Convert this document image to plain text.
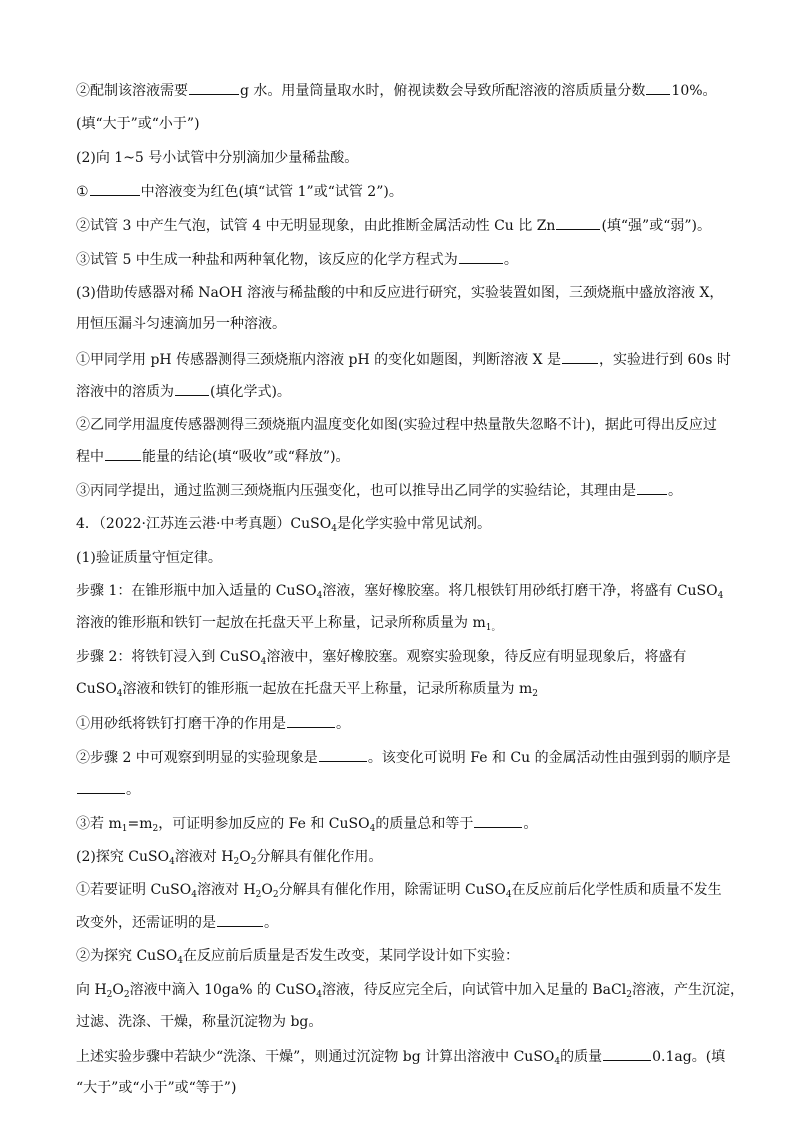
②配制该溶液需要	g 水。用量筒量取水时，俯视读数会导致所配溶液的溶质质量分数 10%。
(填“大于”或“小于”)
(2)向 1~5 号小试管中分别滴加少量稀盐酸。
①	中溶液变为红色(填“试管 1”或“试管 2”)。
②试管 3 中产生气泡，试管 4 中无明显现象，由此推断金属活动性 Cu 比 Zn	(填“强”或“弱”)。
③试管 5 中生成一种盐和两种氧化物，该反应的化学方程式为	。
(3)借助传感器对稀 NaOH 溶液与稀盐酸的中和反应进行研究，实验装置如图，三颈烧瓶中盛放溶液 X，
用恒压漏斗匀速滴加另一种溶液。
①甲同学用 pH 传感器测得三颈烧瓶内溶液 pH 的变化如题图，判断溶液 X 是	，实验进行到 60s 时
溶液中的溶质为	(填化学式)。
②乙同学用温度传感器测得三颈烧瓶内温度变化如图(实验过程中热量散失忽略不计)，据此可得出反应过
程中	能量的结论(填“吸收”或“释放”)。
③丙同学提出，通过监测三颈烧瓶内压强变化，也可以推导出乙同学的实验结论，其理由是 。
4．（2022·江苏连云港·中考真题）CuSO$_4$是化学实验中常见试剂。
(1)验证质量守恒定律。
步骤 1：在锥形瓶中加入适量的 CuSO$_4$溶液，塞好橡胶塞。将几根铁钉用砂纸打磨干净，将盛有 CuSO$_4$
溶液的锥形瓶和铁钉一起放在托盘天平上称量，记录所称质量为 $m_{1。}$
步骤 2：将铁钉浸入到 CuSO$_4$溶液中，塞好橡胶塞。观察实验现象，待反应有明显现象后，将盛有
CuSO$_4$溶液和铁钉的锥形瓶一起放在托盘天平上称量，记录所称质量为 $m_2$
①用砂纸将铁钉打磨干净的作用是	。
②步骤 2 中可观察到明显的实验现象是	。该变化可说明 Fe 和 Cu 的金属活动性由强到弱的顺序是
。
③若 $m_1=m_2$，可证明参加反应的 Fe 和 CuSO$_4$的质量总和等于	。
(2)探究 CuSO$_4$溶液对 $H_2O_2$分解具有催化作用。
①若要证明 CuSO$_4$溶液对 $H_2O_2$分解具有催化作用，除需证明 CuSO$_4$在反应前后化学性质和质量不发生
改变外，还需证明的是	。
②为探究 CuSO$_4$在反应前后质量是否发生改变，某同学设计如下实验：
向 $H_2O_2$溶液中滴入 10ga% 的 CuSO$_4$溶液，待反应完全后，向试管中加入足量的 BaCl$_2$溶液，产生沉淀，
过滤、洗涤、干燥，称量沉淀物为 bg。
上述实验步骤中若缺少“洗涤、干燥”，则通过沉淀物 bg 计算出溶液中 CuSO$_4$的质量	0.1ag。(填
“大于”或“小于”或“等于”)
